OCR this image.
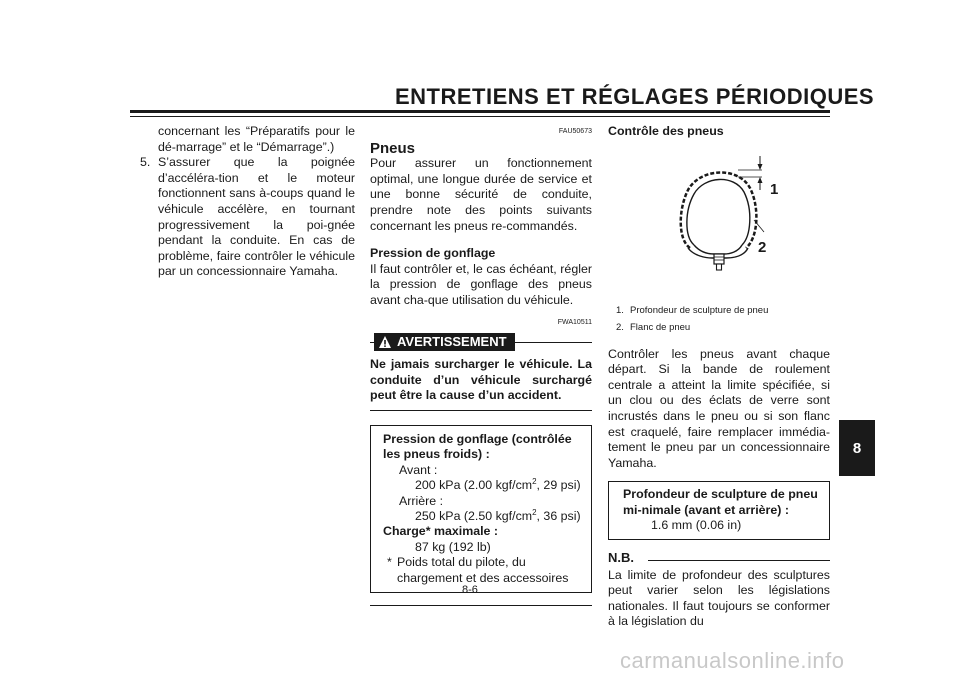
ENTRETIENS ET RÉGLAGES PÉRIODIQUES
8

concernant les “Préparatifs pour le dé-marrage” et le “Démarrage”.)

5. S’assurer que la poignée d’accéléra-tion et le moteur fonctionnent sans à-coups quand le véhicule accélère, en tournant progressivement la poi-gnée pendant la conduite. En cas de problème, faire contrôler le véhicule par un concessionnaire Yamaha.
FAU50673

Pneus

Pour assurer un fonctionnement optimal, une longue durée de service et une bonne sécurité de conduite, prendre note des points suivants concernant les pneus re-commandés.

Pression de gonflage

Il faut contrôler et, le cas échéant, régler la pression de gonflage des pneus avant cha-que utilisation du véhicule.

FWA10511
AVERTISSEMENT

Ne jamais surcharger le véhicule. La conduite d’un véhicule surchargé peut être la cause d’un accident.

Pression de gonflage (contrôlée les pneus froids) :
Avant :
200 kPa (2.00 kgf/$cm^2$, 29 psi)
Arrière :
250 kPa (2.50 kgf/$cm^2$, 36 psi)
Charge* maximale :
87 kg (192 lb)
* Poids total du pilote, du chargement et des accessoires

Contrôle des pneus

1
2
1. Profondeur de sculpture de pneu
2. Flanc de pneu

Contrôler les pneus avant chaque départ. Si la bande de roulement centrale a atteint la limite spécifiée, si un clou ou des éclats de verre sont incrustés dans le pneu ou si son flanc est craquelé, faire remplacer immédia-tement le pneu par un concessionnaire Yamaha.

Profondeur de sculpture de pneu mi-nimale (avant et arrière) :
1.6 mm (0.06 in)
N.B.

La limite de profondeur des sculptures peut varier selon les législations nationales. Il faut toujours se conformer à la législation du

8-6
carmanualsonline.info
